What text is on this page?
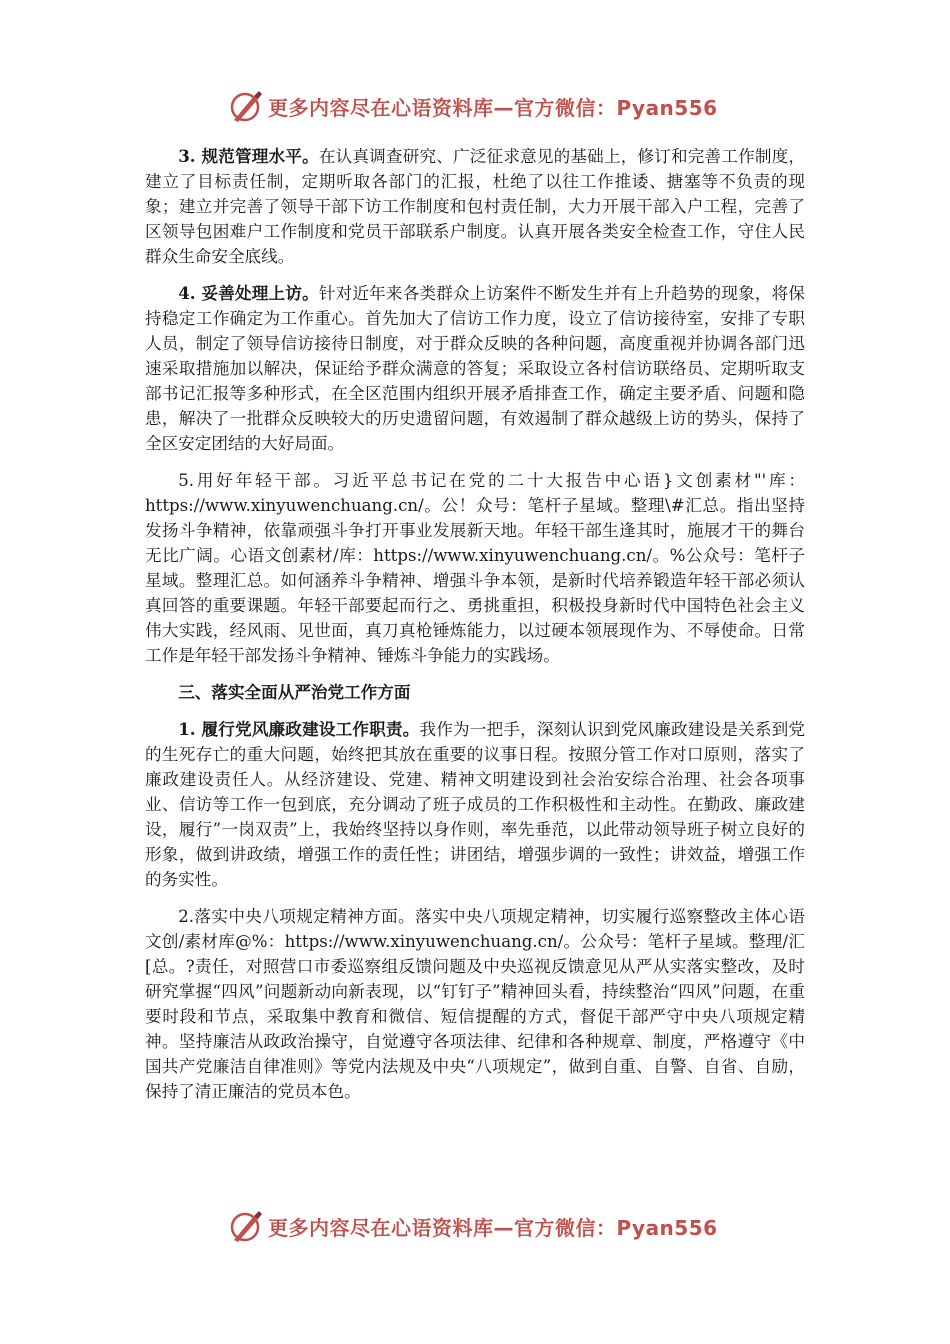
更多内容尽在心语资料库—官方微信：Pyan556

3. 规范管理水平。在认真调查研究、广泛征求意见的基础上，修订和完善工作制度，建立了目标责任制，定期听取各部门的汇报，杜绝了以往工作推诿、搪塞等不负责的现象；建立并完善了领导干部下访工作制度和包村责任制，大力开展干部入户工程，完善了区领导包困难户工作制度和党员干部联系户制度。认真开展各类安全检查工作，守住人民群众生命安全底线。

4. 妥善处理上访。针对近年来各类群众上访案件不断发生并有上升趋势的现象，将保持稳定工作确定为工作重心。首先加大了信访工作力度，设立了信访接待室，安排了专职人员，制定了领导信访接待日制度，对于群众反映的各种问题，高度重视并协调各部门迅速采取措施加以解决，保证给予群众满意的答复；采取设立各村信访联络员、定期听取支部书记汇报等多种形式，在全区范围内组织开展矛盾排查工作，确定主要矛盾、问题和隐患，解决了一批群众反映较大的历史遗留问题，有效遏制了群众越级上访的势头，保持了全区安定团结的大好局面。

5.用好年轻干部。习近平总书记在党的二十大报告中心语}文创素材"'库：https://www.xinyuwenchuang.cn/。公！众号：笔杆子星域。整理\#汇总。指出坚持发扬斗争精神，依靠顽强斗争打开事业发展新天地。年轻干部生逢其时，施展才干的舞台无比广阔。心语文创素材/库：https://www.xinyuwenchuang.cn/。%公众号：笔杆子星域。整理汇总。如何涵养斗争精神、增强斗争本领，是新时代培养锻造年轻干部必须认真回答的重要课题。年轻干部要起而行之、勇挑重担，积极投身新时代中国特色社会主义伟大实践，经风雨、见世面，真刀真枪锤炼能力，以过硬本领展现作为、不辱使命。日常工作是年轻干部发扬斗争精神、锤炼斗争能力的实践场。

三、落实全面从严治党工作方面

1. 履行党风廉政建设工作职责。我作为一把手，深刻认识到党风廉政建设是关系到党的生死存亡的重大问题，始终把其放在重要的议事日程。按照分管工作对口原则，落实了廉政建设责任人。从经济建设、党建、精神文明建设到社会治安综合治理、社会各项事业、信访等工作一包到底，充分调动了班子成员的工作积极性和主动性。在勤政、廉政建设，履行”一岗双责”上，我始终坚持以身作则，率先垂范，以此带动领导班子树立良好的形象，做到讲政绩，增强工作的责任性；讲团结，增强步调的一致性；讲效益，增强工作的务实性。

2.落实中央八项规定精神方面。落实中央八项规定精神，切实履行巡察整改主体心语文创/素材库@%：https://www.xinyuwenchuang.cn/。公众号：笔杆子星域。整理/汇[总。?责任，对照营口市委巡察组反馈问题及中央巡视反馈意见从严从实落实整改，及时研究掌握“四风”问题新动向新表现，以“钉钉子”精神回头看，持续整治“四风”问题，在重要时段和节点，采取集中教育和微信、短信提醒的方式，督促干部严守中央八项规定精神。坚持廉洁从政政治操守，自觉遵守各项法律、纪律和各种规章、制度，严格遵守《中国共产党廉洁自律准则》等党内法规及中央“八项规定”，做到自重、自警、自省、自励，保持了清正廉洁的党员本色。

更多内容尽在心语资料库—官方微信：Pyan556
